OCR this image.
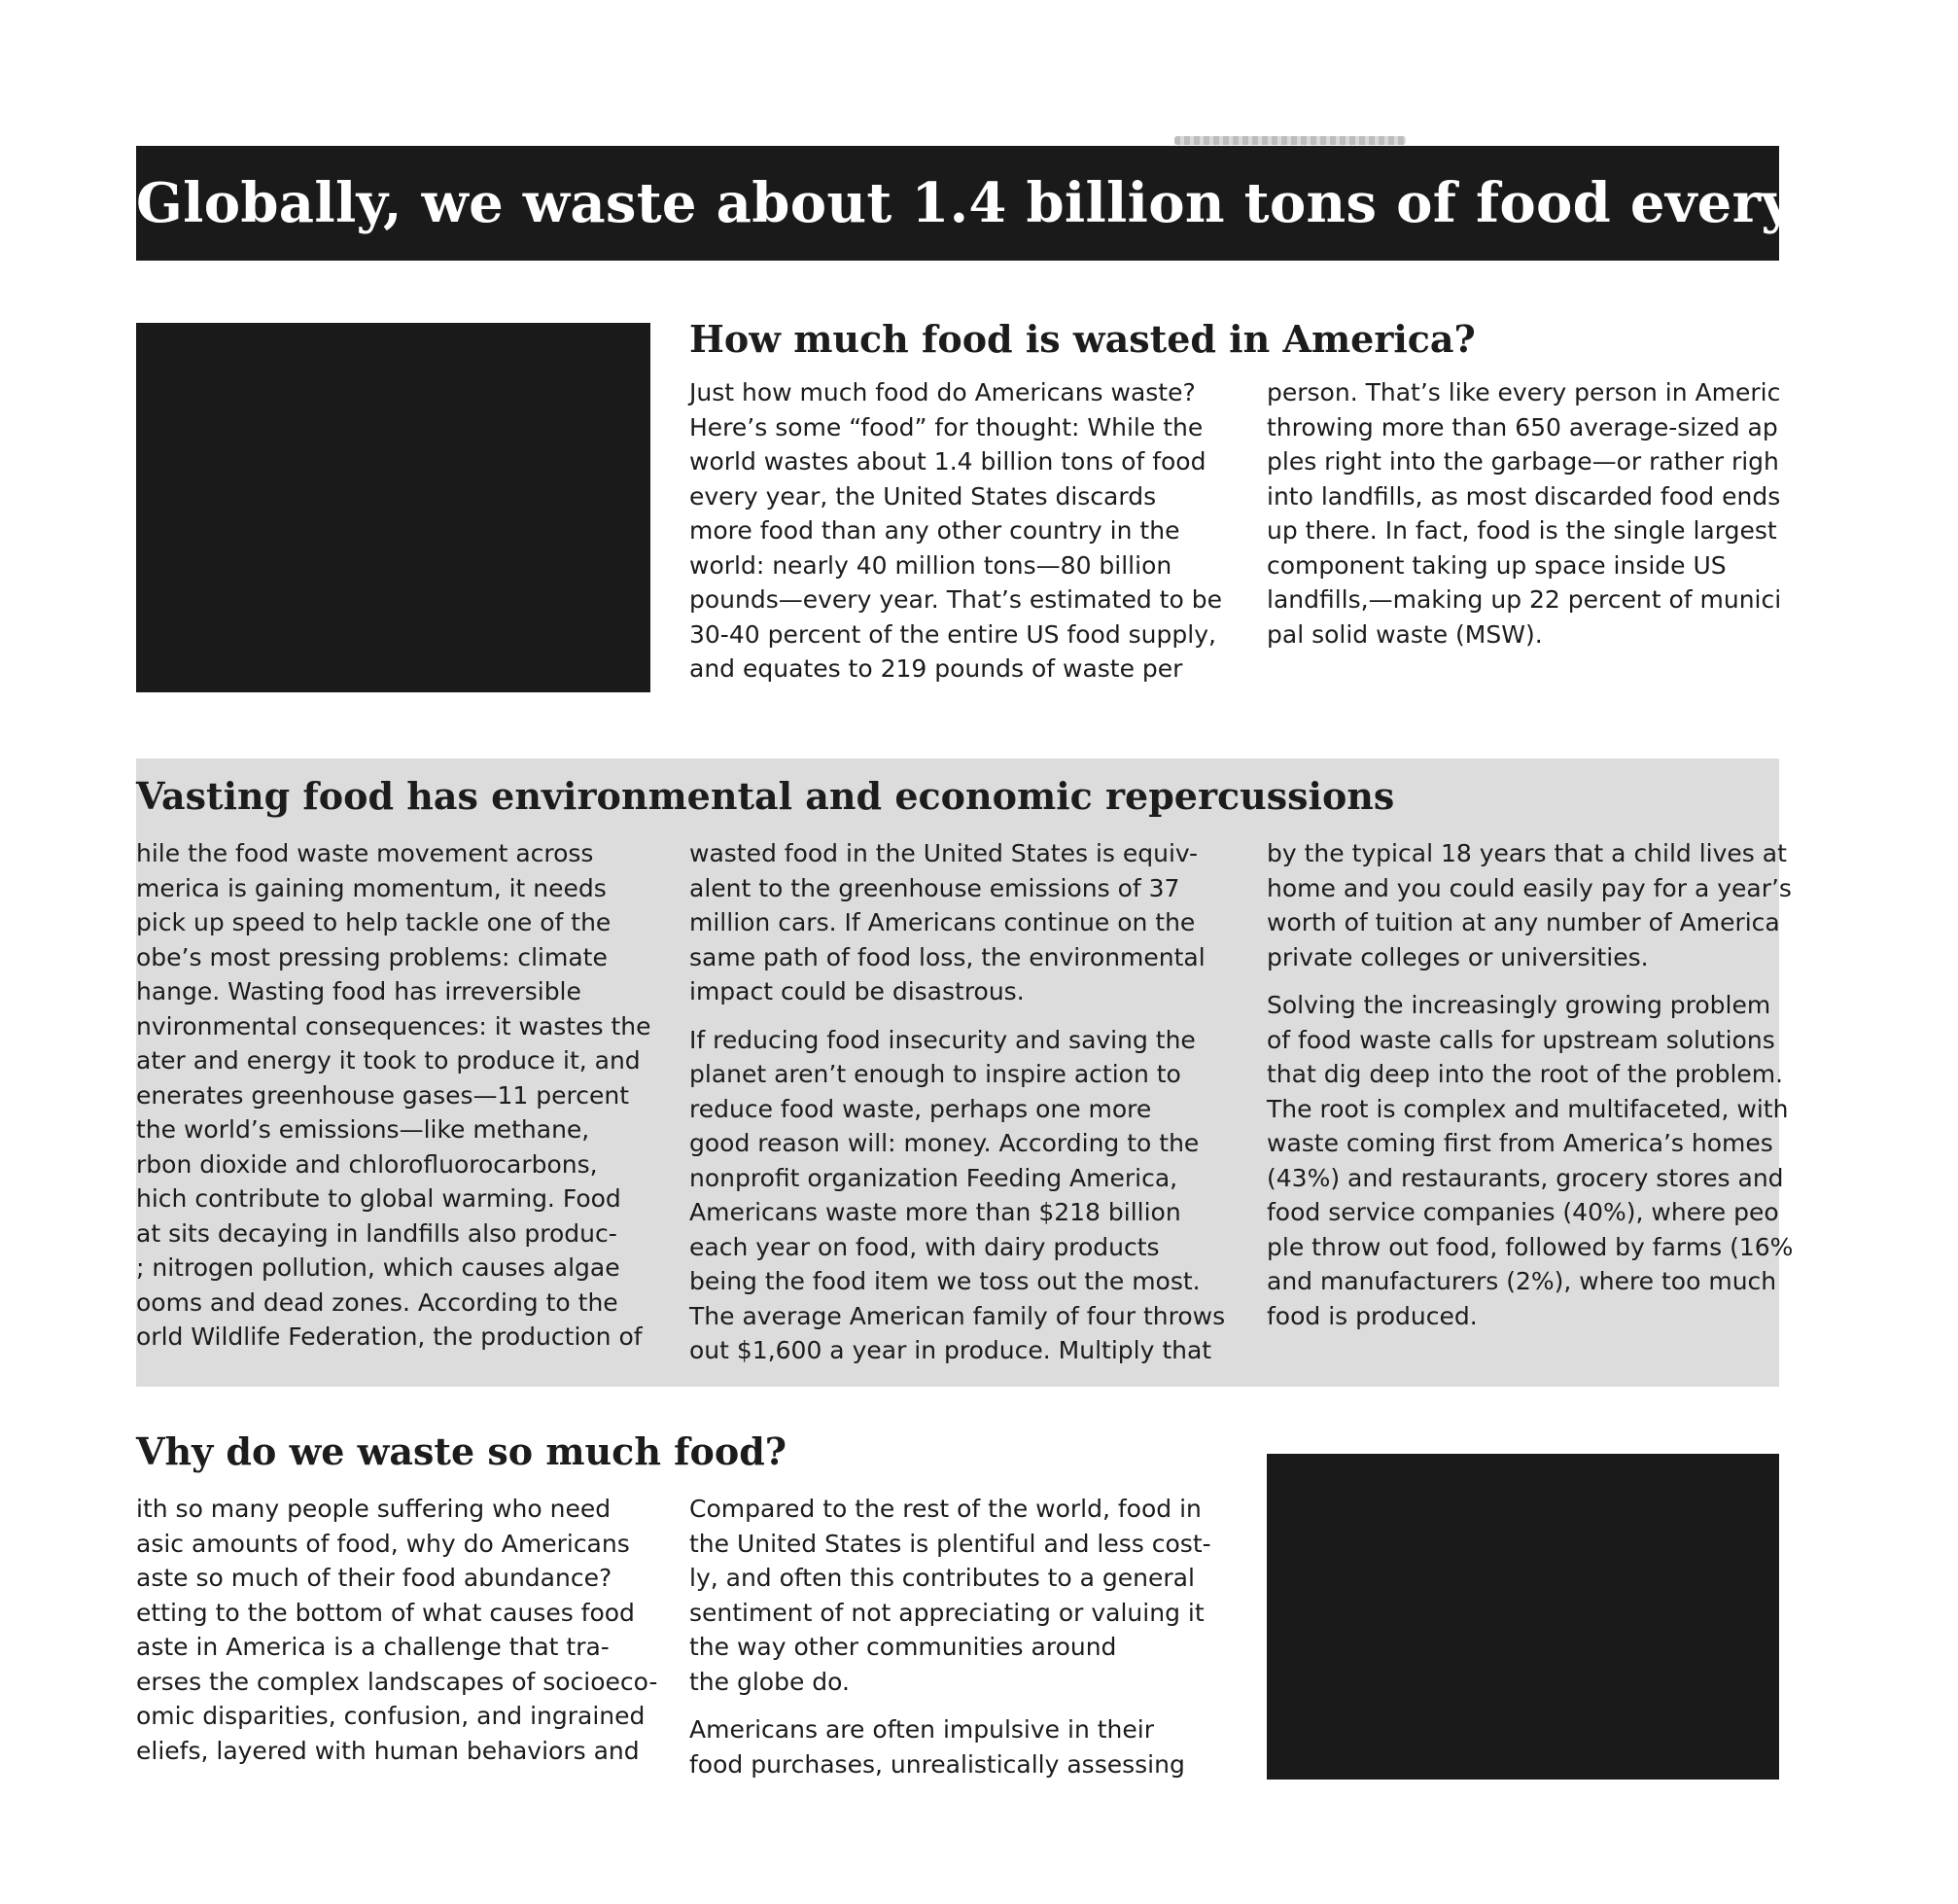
Globally, we waste about 1.4 billion tons of food every year.
How much food is wasted in America?
Just how much food do Americans waste?
Here’s some “food” for thought: While the
world wastes about 1.4 billion tons of food
every year, the United States discards
more food than any other country in the
world: nearly 40 million tons—80 billion
pounds—every year. That’s estimated to be
30-40 percent of the entire US food supply,
and equates to 219 pounds of waste per
person. That’s like every person in Americ
throwing more than 650 average-sized ap
ples right into the garbage—or rather righ
into landfills, as most discarded food ends
up there. In fact, food is the single largest
component taking up space inside US
landfills,—making up 22 percent of munici
pal solid waste (MSW).
Vasting food has environmental and economic repercussions
hile the food waste movement across
merica is gaining momentum, it needs
pick up speed to help tackle one of the
obe’s most pressing problems: climate
hange. Wasting food has irreversible
nvironmental consequences: it wastes the
ater and energy it took to produce it, and
enerates greenhouse gases—11 percent
the world’s emissions—like methane,
rbon dioxide and chlorofluorocarbons,
hich contribute to global warming. Food
at sits decaying in landfills also produc-
; nitrogen pollution, which causes algae
ooms and dead zones. According to the
orld Wildlife Federation, the production of
wasted food in the United States is equiv-
alent to the greenhouse emissions of 37
million cars. If Americans continue on the
same path of food loss, the environmental
impact could be disastrous.
If reducing food insecurity and saving the
planet aren’t enough to inspire action to
reduce food waste, perhaps one more
good reason will: money. According to the
nonprofit organization Feeding America,
Americans waste more than $218 billion
each year on food, with dairy products
being the food item we toss out the most.
The average American family of four throws
out $1,600 a year in produce. Multiply that
by the typical 18 years that a child lives at
home and you could easily pay for a year’s
worth of tuition at any number of America
private colleges or universities.
Solving the increasingly growing problem
of food waste calls for upstream solutions
that dig deep into the root of the problem.
The root is complex and multifaceted, with
waste coming first from America’s homes
(43%) and restaurants, grocery stores and
food service companies (40%), where peo
ple throw out food, followed by farms (16%
and manufacturers (2%), where too much
food is produced.
Vhy do we waste so much food?
ith so many people suffering who need
asic amounts of food, why do Americans
aste so much of their food abundance?
etting to the bottom of what causes food
aste in America is a challenge that tra-
erses the complex landscapes of socioeco-
omic disparities, confusion, and ingrained
eliefs, layered with human behaviors and
Compared to the rest of the world, food in
the United States is plentiful and less cost-
ly, and often this contributes to a general
sentiment of not appreciating or valuing it
the way other communities around
the globe do.
Americans are often impulsive in their
food purchases, unrealistically assessing
